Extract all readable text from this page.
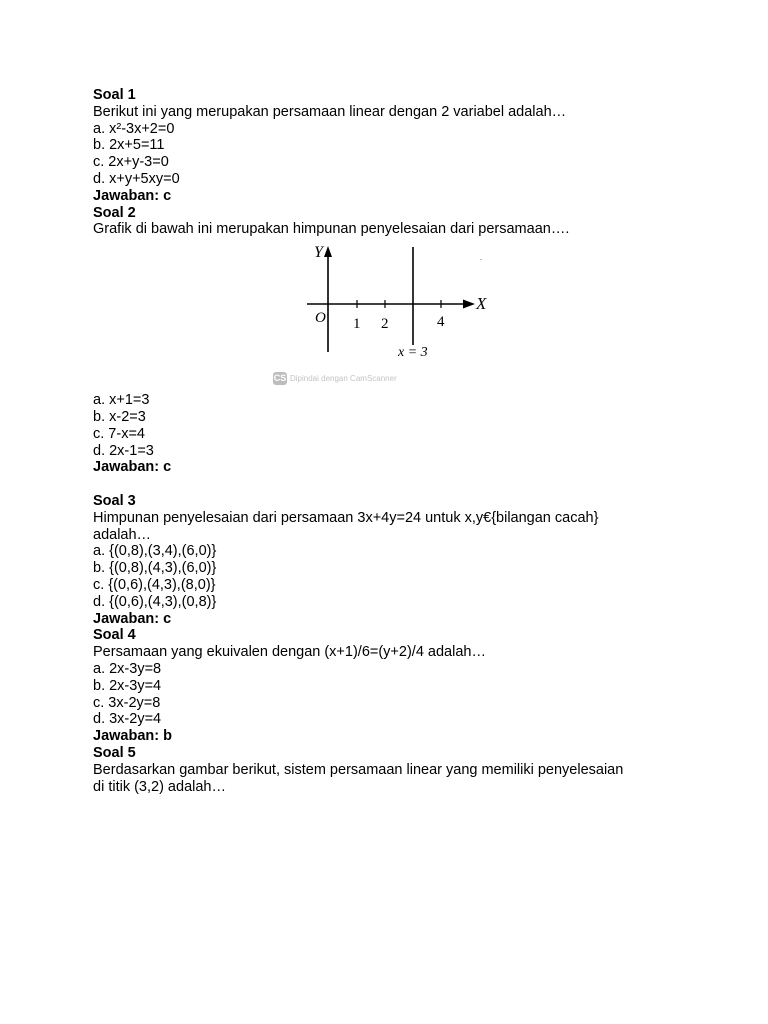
Soal 1
Berikut ini yang merupakan persamaan linear dengan 2 variabel adalah…
a. x²-3x+2=0
b. 2x+5=11
c. 2x+y-3=0
d. x+y+5xy=0
Jawaban: c
Soal 2
Grafik di bawah ini merupakan himpunan penyelesaian dari persamaan….
Y
X
O 1 2	4
x = 3
CS Dipindai dengan CamScanner
a. x+1=3
b. x-2=3
c. 7-x=4
d. 2x-1=3
Jawaban: c
Soal 3
Himpunan penyelesaian dari persamaan 3x+4y=24 untuk x,y€{bilangan cacah}
adalah…
a. {(0,8),(3,4),(6,0)}
b. {(0,8),(4,3),(6,0)}
c. {(0,6),(4,3),(8,0)}
d. {(0,6),(4,3),(0,8)}
Jawaban: c
Soal 4
Persamaan yang ekuivalen dengan (x+1)/6=(y+2)/4 adalah…
a. 2x-3y=8
b. 2x-3y=4
c. 3x-2y=8
d. 3x-2y=4
Jawaban: b
Soal 5
Berdasarkan gambar berikut, sistem persamaan linear yang memiliki penyelesaian
di titik (3,2) adalah…
